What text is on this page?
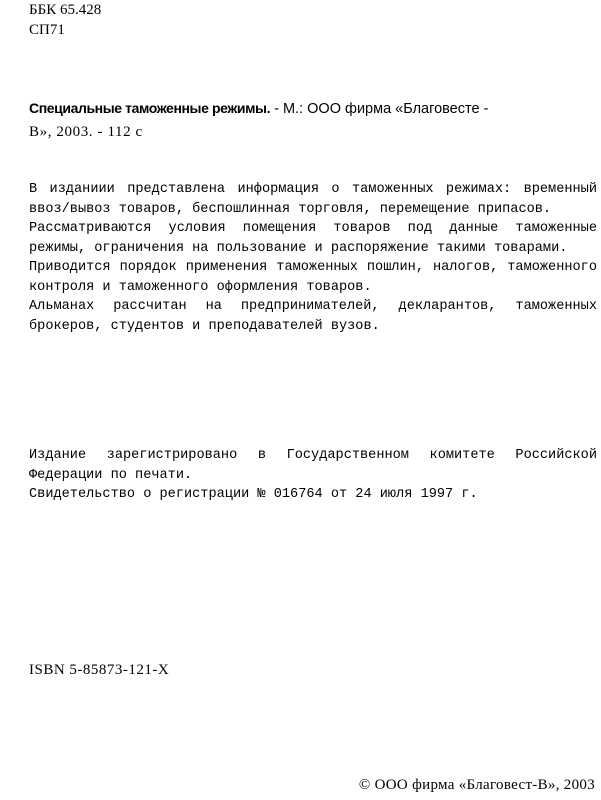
ББК 65.428
СП71
Специальные таможенные режимы. - М.: ООО фирма «Благовесте -
В», 2003. - 112 с

В изданиии представлена информация о таможенных режимах: временный ввоз/вывоз товаров, беспошлинная торговля, перемещение припасов.

Рассматриваются условия помещения товаров под данные таможенные режимы, ограничения на пользование и распоряжение такими товарами.

Приводится порядок применения таможенных пошлин, налогов, таможенного контроля и таможенного оформления товаров.

Альманах рассчитан на предпринимателей, декларантов, таможенных брокеров, студентов и преподавателей вузов.

Издание зарегистрировано в Государственном комитете Российской Федерации по печати.

Свидетельство о регистрации № 016764 от 24 июля 1997 г.

ISBN 5-85873-121-X
© ООО фирма «Благовест-В», 2003
